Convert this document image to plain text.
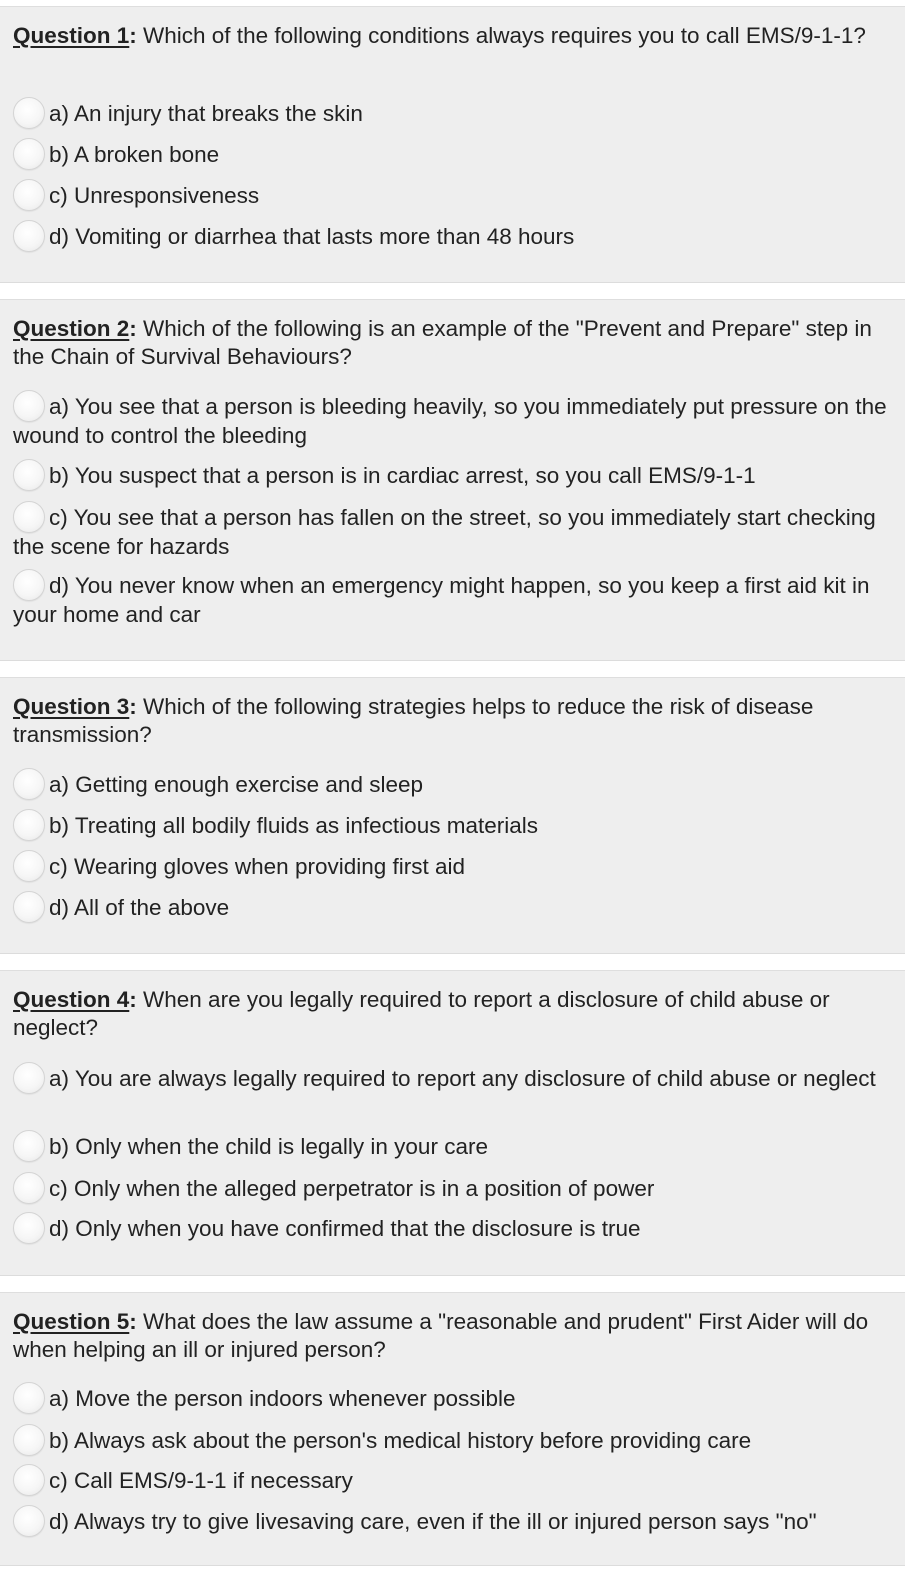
Question 1: Which of the following conditions always requires you to call EMS/9-1-1?

a) An injury that breaks the skin
b) A broken bone
c) Unresponsiveness
d) Vomiting or diarrhea that lasts more than 48 hours

Question 2: Which of the following is an example of the "Prevent and Prepare" step in the Chain of Survival Behaviours?

a) You see that a person is bleeding heavily, so you immediately put pressure on the wound to control the bleeding
b) You suspect that a person is in cardiac arrest, so you call EMS/9-1-1
c) You see that a person has fallen on the street, so you immediately start checking the scene for hazards
d) You never know when an emergency might happen, so you keep a first aid kit in your home and car

Question 3: Which of the following strategies helps to reduce the risk of disease transmission?

a) Getting enough exercise and sleep
b) Treating all bodily fluids as infectious materials
c) Wearing gloves when providing first aid
d) All of the above

Question 4: When are you legally required to report a disclosure of child abuse or neglect?

a) You are always legally required to report any disclosure of child abuse or neglect
b) Only when the child is legally in your care
c) Only when the alleged perpetrator is in a position of power
d) Only when you have confirmed that the disclosure is true

Question 5: What does the law assume a "reasonable and prudent" First Aider will do when helping an ill or injured person?

a) Move the person indoors whenever possible
b) Always ask about the person's medical history before providing care
c) Call EMS/9-1-1 if necessary
d) Always try to give livesaving care, even if the ill or injured person says "no"
